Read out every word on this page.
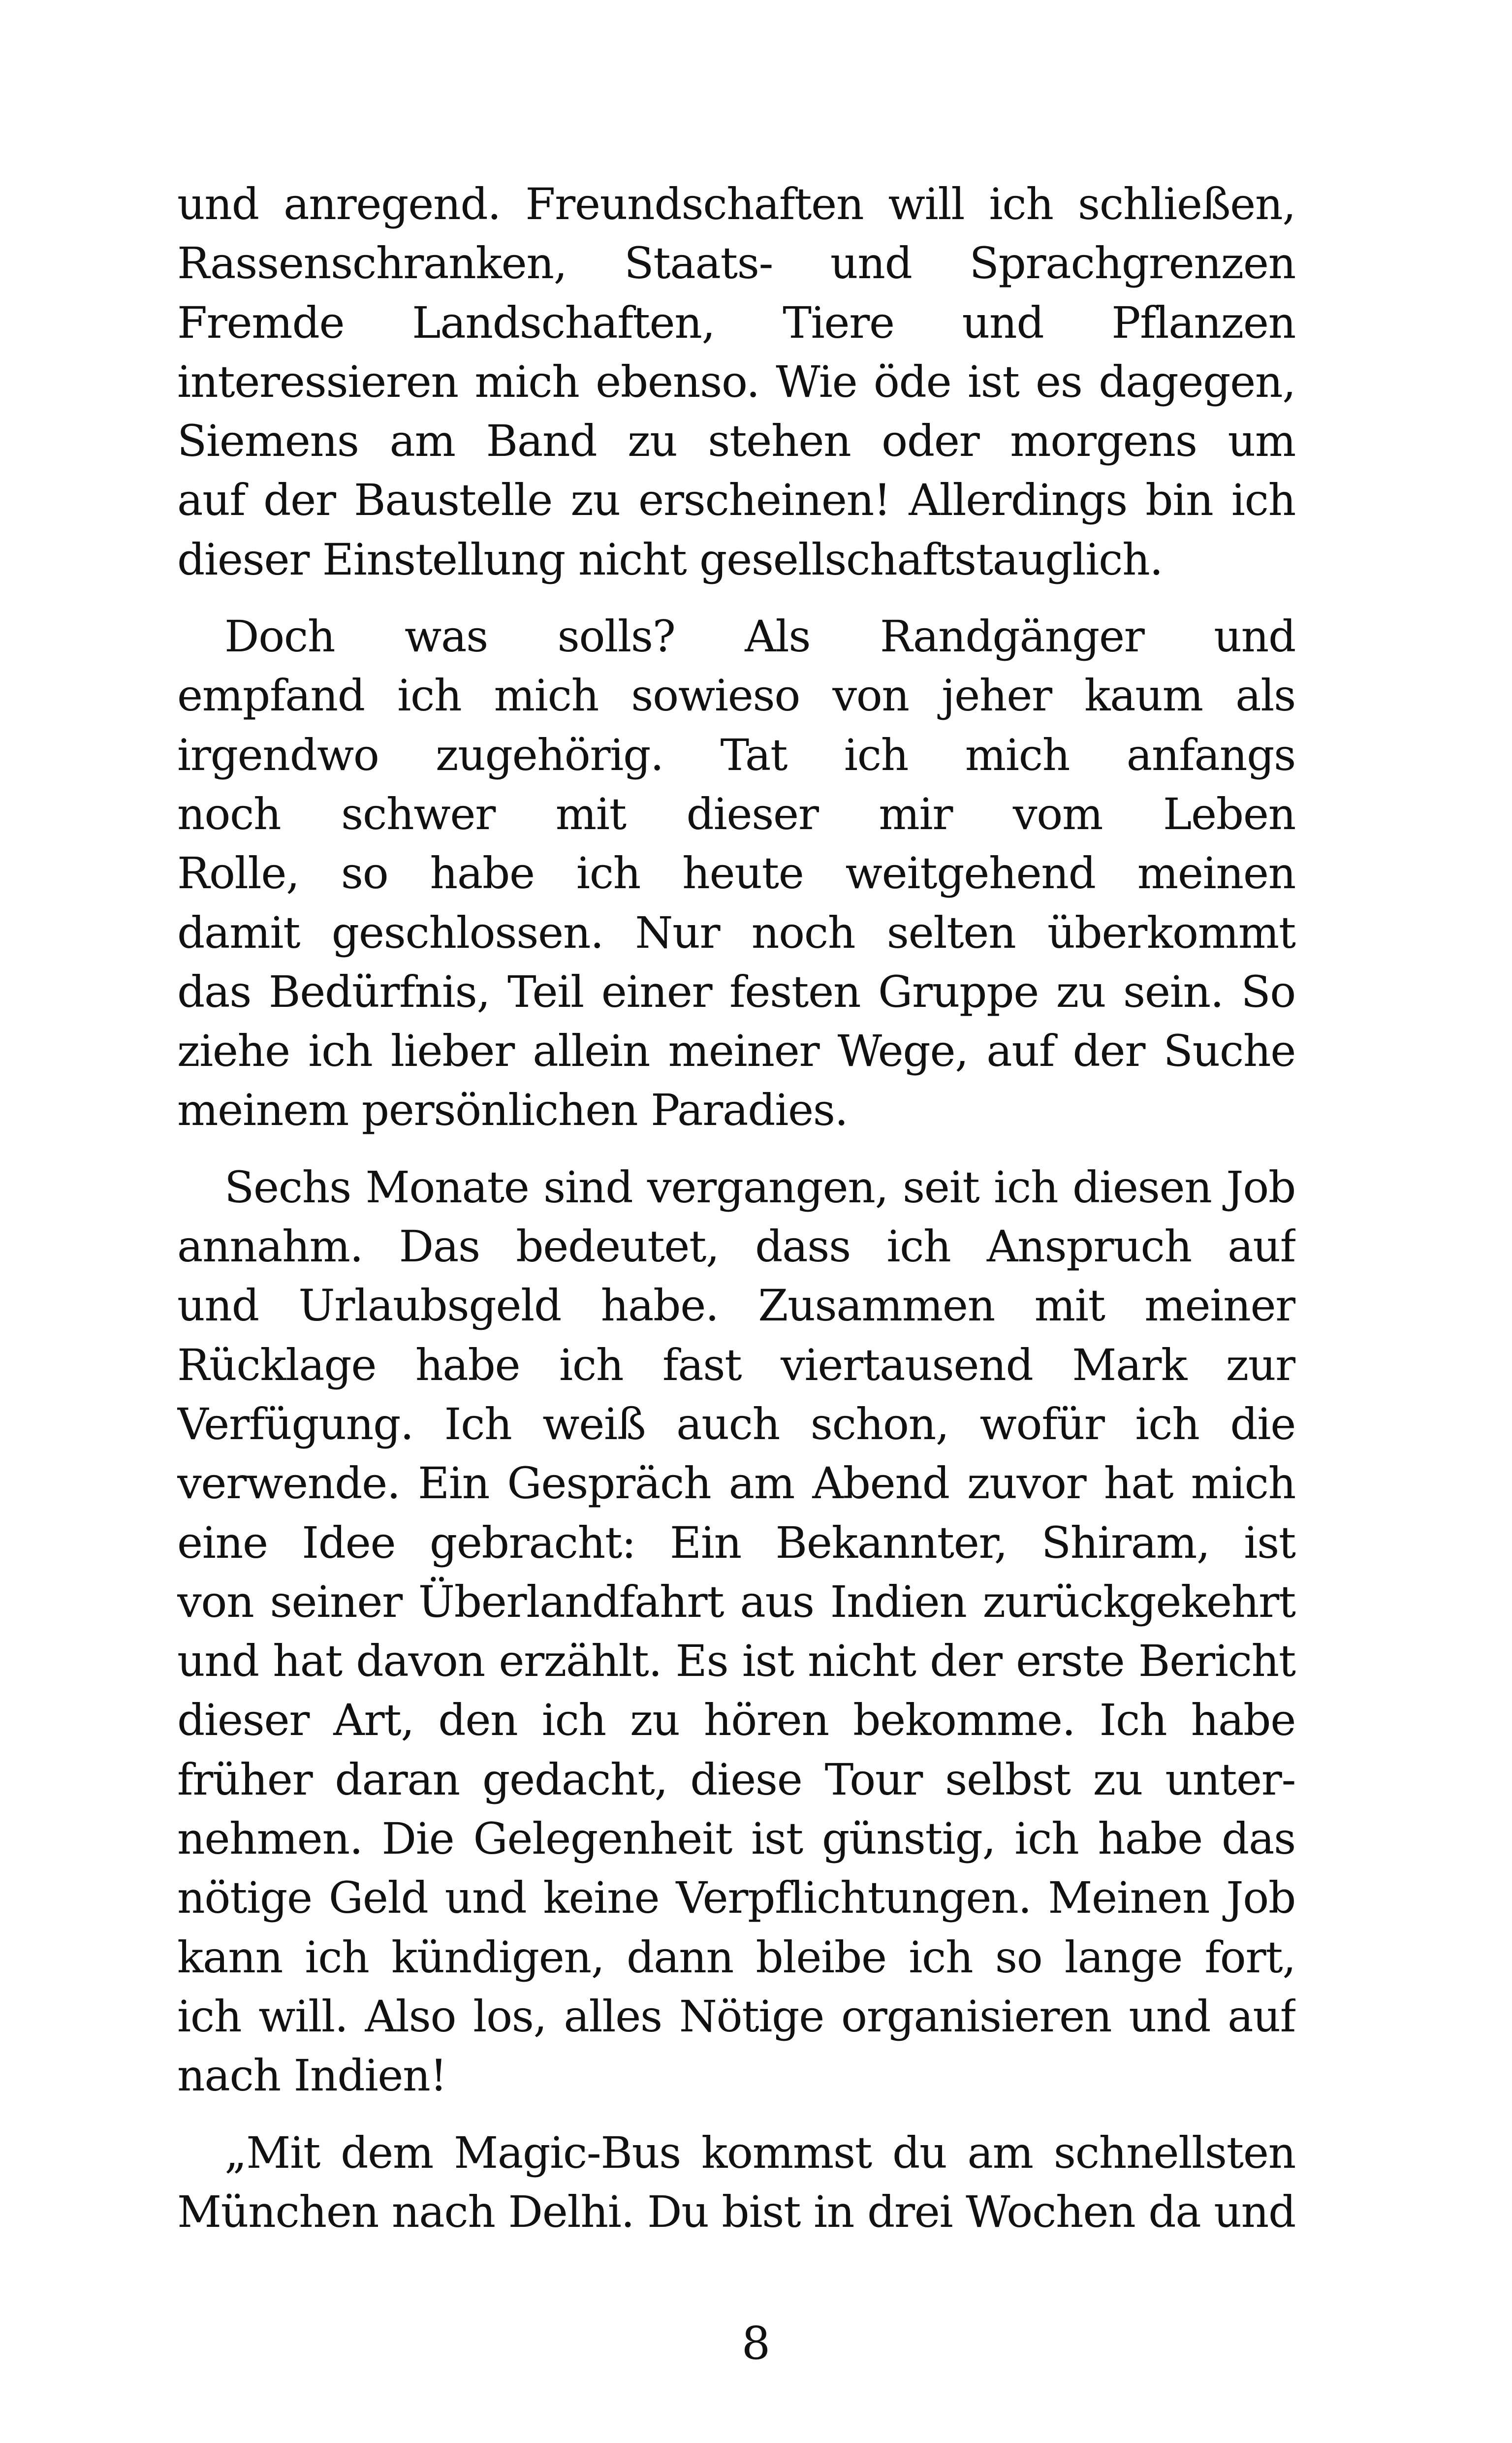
und anregend. Freundschaften will ich schließen,
Rassenschranken, Staats- und Sprachgrenzen
Fremde Landschaften, Tiere und Pflanzen
interessieren mich ebenso. Wie öde ist es dagegen,
Siemens am Band zu stehen oder morgens um
auf der Baustelle zu erscheinen! Allerdings bin ich
dieser Einstellung nicht gesellschaftstauglich.

Doch was solls? Als Randgänger und
empfand ich mich sowieso von jeher kaum als
irgendwo zugehörig. Tat ich mich anfangs
noch schwer mit dieser mir vom Leben
Rolle, so habe ich heute weitgehend meinen
damit geschlossen. Nur noch selten überkommt
das Bedürfnis, Teil einer festen Gruppe zu sein. So
ziehe ich lieber allein meiner Wege, auf der Suche
meinem persönlichen Paradies.

Sechs Monate sind vergangen, seit ich diesen Job
annahm. Das bedeutet, dass ich Anspruch auf
und Urlaubsgeld habe. Zusammen mit meiner
Rücklage habe ich fast viertausend Mark zur
Verfügung. Ich weiß auch schon, wofür ich die
verwende. Ein Gespräch am Abend zuvor hat mich
eine Idee gebracht: Ein Bekannter, Shiram, ist
von seiner Überlandfahrt aus Indien zurückgekehrt
und hat davon erzählt. Es ist nicht der erste Bericht
dieser Art, den ich zu hören bekomme. Ich habe
früher daran gedacht, diese Tour selbst zu unter-
nehmen. Die Gelegenheit ist günstig, ich habe das
nötige Geld und keine Verpflichtungen. Meinen Job
kann ich kündigen, dann bleibe ich so lange fort,
ich will. Also los, alles Nötige organisieren und auf
nach Indien!

„Mit dem Magic-Bus kommst du am schnellsten
München nach Delhi. Du bist in drei Wochen da und

8
